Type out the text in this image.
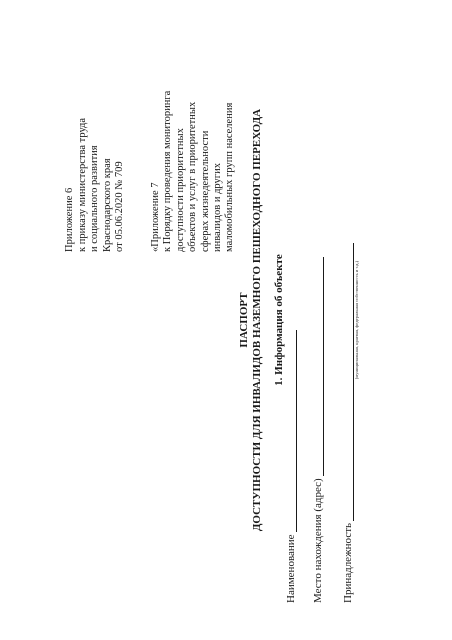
Приложение 6 к приказу министерства труда и социального развития Краснодарского края от 05.06.2020 № 709 «Приложение 7 к Порядку проведения мониторинга доступности приоритетных объектов и услуг в приоритетных сферах жизнедеятельности инвалидов и других маломобильных групп населения
ПАСПОРТ ДОСТУПНОСТИ ДЛЯ ИНВАЛИДОВ НАЗЕМНОГО ПЕШЕХОДНОГО ПЕРЕХОДА 1. Информация об объекте
Наименование Место нахождения (адрес) Принадлежность
(муниципальная, краевая, федеральная собственность и т.д.)
